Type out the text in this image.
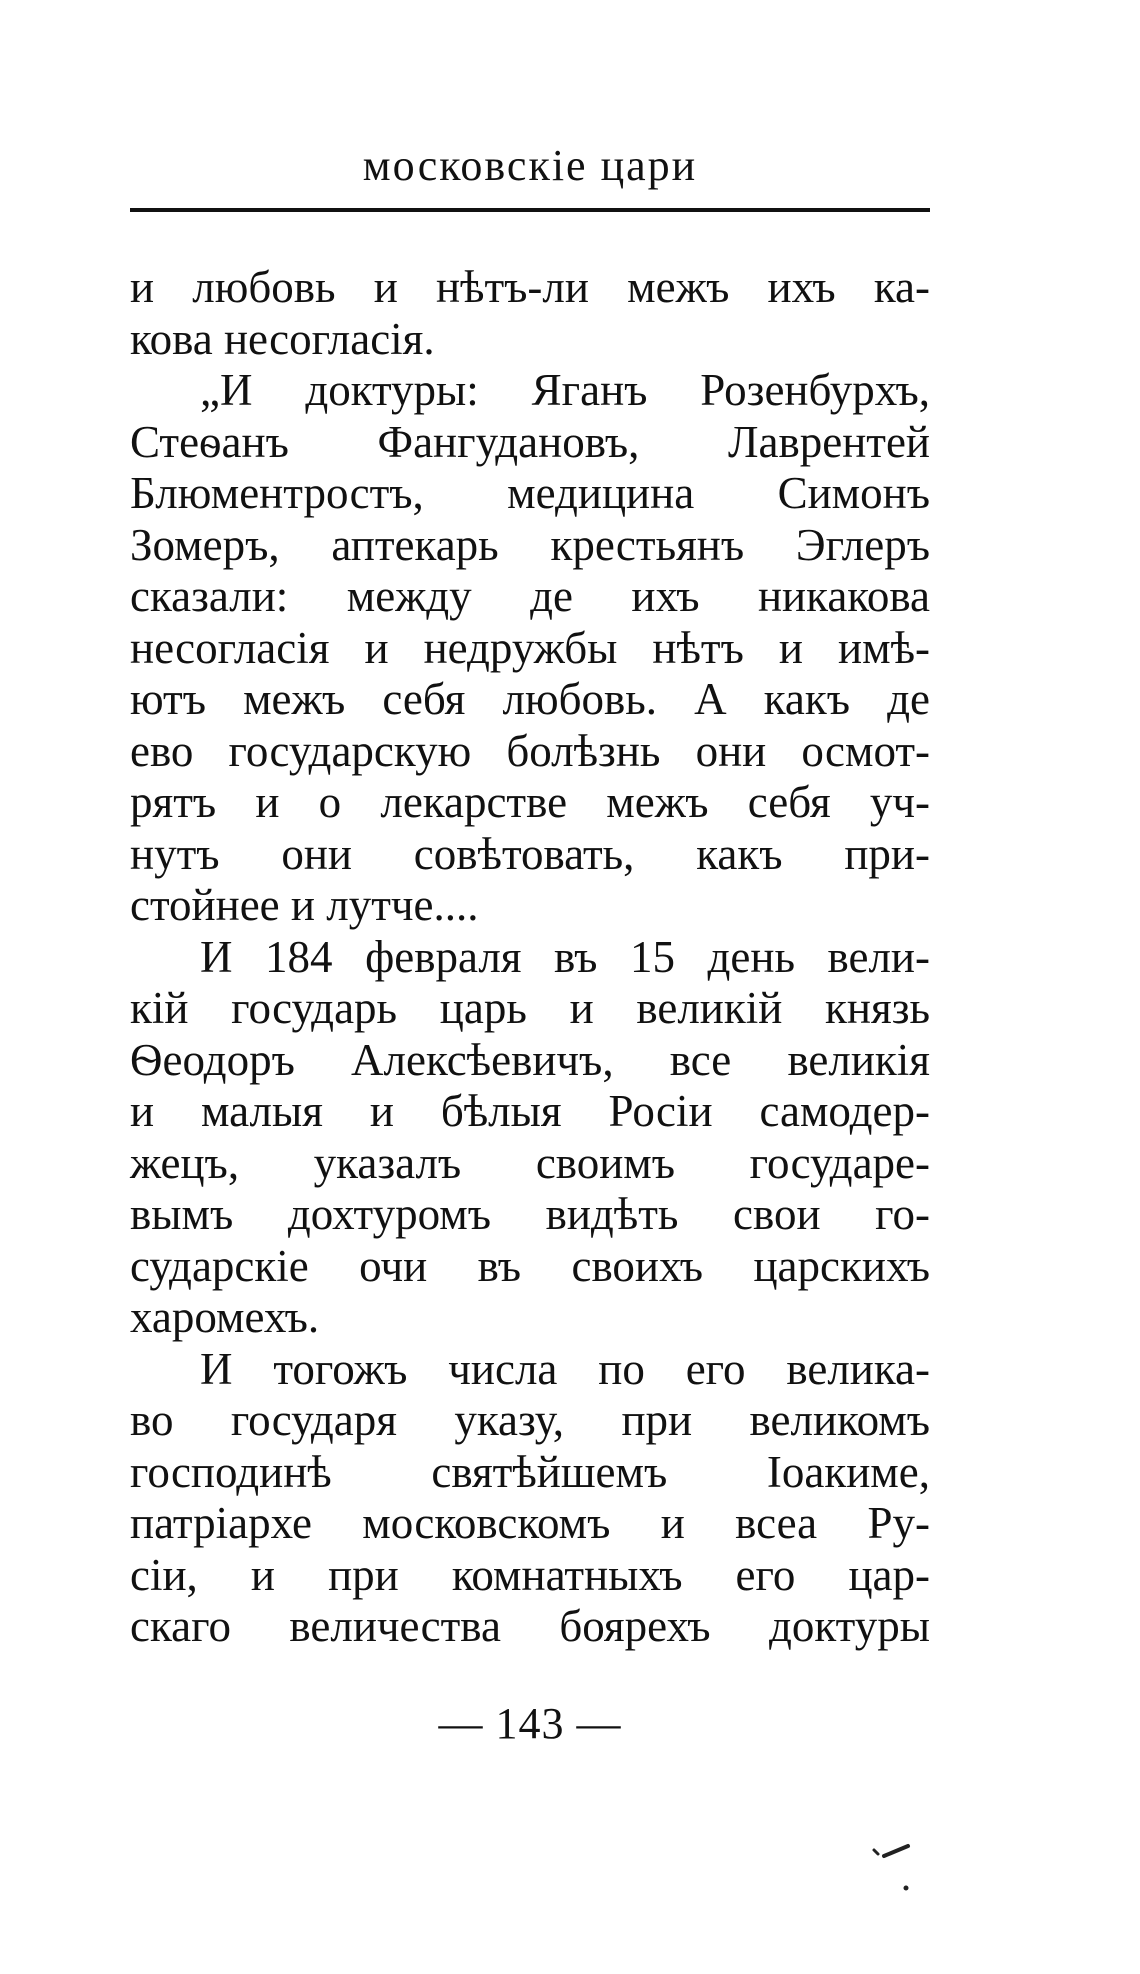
московскіе цари
и любовь и нѣтъ-ли межъ ихъ ка-
кова несогласія.
„И доктуры: Яганъ Розенбурхъ,
Стеѳанъ Фангудановъ, Лаврентей
Блюментростъ, медицина Симонъ
Зомеръ, аптекарь крестьянъ Эглеръ
сказали: между де ихъ никакова
несогласія и недружбы нѣтъ и имѣ-
ютъ межъ себя любовь. А какъ де
ево государскую болѣзнь они осмот-
рятъ и о лекарстве межъ себя уч-
нутъ они совѣтовать, какъ при-
стойнее и лутче....
И 184 февраля въ 15 день вели-
кій государь царь и великій князь
Ѳеодоръ Алексѣевичъ, все великія
и малыя и бѣлыя Росіи самодер-
жецъ, указалъ своимъ государе-
вымъ дохтуромъ видѣть свои го-
сударскіе очи въ своихъ царскихъ
харомехъ.
И тогожъ числа по его велика-
во государя указу, при великомъ
господинѣ святѣйшемъ Іоакиме,
патріархе московскомъ и всеа Ру-
сіи, и при комнатныхъ его цар-
скаго величества боярехъ доктуры
— 143 —
